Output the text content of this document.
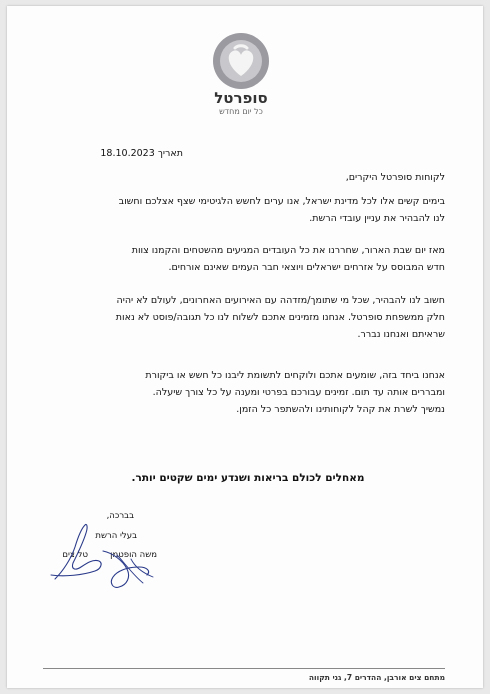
סופרטל
כל יום מחדש
תאריך 18.10.2023
לקוחות סופרטל היקרים,
בימים קשים אלו לכל מדינת ישראל, אנו ערים לחשש הלגיטימי שצף אצלכם וחשוב
לנו להבהיר את עניין עובדי הרשת.
מאז יום שבת הארור, שחררנו את כל העובדים המגיעים מהשטחים והקמנו צוות
חדש המבוסס על אזרחים ישראלים ויוצאי חבר העמים שאינם אורחים.
חשוב לנו להבהיר, שכל מי שתומך/מזדהה עם האירועים האחרונים, לעולם לא יהיה
חלק ממשפחת סופרטל. אנחנו מזמינים אתכם לשלוח לנו כל תגובה/פוסט לא נאות
שראיתם ואנחנו נברר.
אנחנו ביחד בזה, שומעים אתכם ולוקחים לתשומת ליבנו כל חשש או ביקורת
ומבררים אותה עד תום. זמינים עבורכם בפרטי ומענה על כל צורך שיעלה.
נמשיך לשרת את קהל לקוחותינו ולהשתפר כל הזמן.
מאחלים לכולם בריאות ושנדע ימים שקטים יותר.
בברכה,
בעלי הרשת
משה הופטמן
טל צים
מתחם צים אורבן, ההדרים 7, גני תקווה
